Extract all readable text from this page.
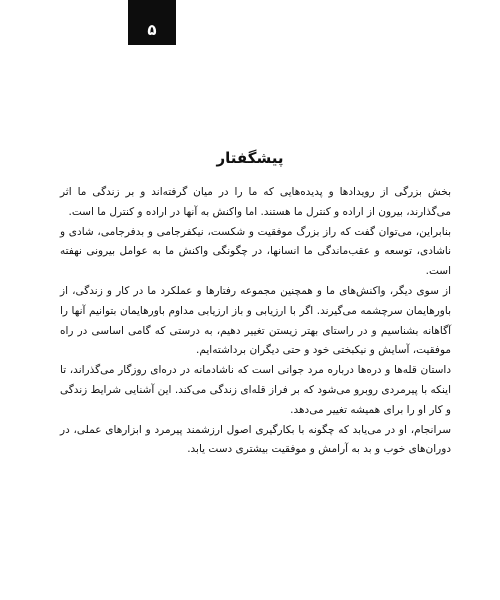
۵
پیشگفتار

بخش بزرگی از رویدادها و پدیده‌هایی که ما را در میان گرفته‌اند و بر زندگی ما اثر می‌گذارند، بیرون از اراده و کنترل ما هستند. اما واکنش به آنها در اراده و کنترل ما است.

بنابراین، می‌توان گفت که راز بزرگ موفقیت و شکست، نیکفرجامی و بدفرجامی، شادی و ناشادی، توسعه و عقب‌ماندگی ما انسانها، در چگونگی واکنش ما به عوامل بیرونی نهفته است.

از سوی دیگر، واکنش‌های ما و همچنین مجموعه رفتارها و عملکرد ما در کار و زندگی، از باورهایمان سرچشمه می‌گیرند. اگر با ارزیابی و باز ارزیابی مداوم باورهایمان بتوانیم آنها را آگاهانه بشناسیم و در راستای بهتر زیستن تغییر دهیم، به درستی که گامی اساسی در راه موفقیت، آسایش و نیکبختی خود و حتی دیگران برداشته‌ایم.

داستان قله‌ها و دره‌ها درباره مرد جوانی است که ناشادمانه در دره‌ای روزگار می‌گذراند، تا اینکه با پیرمردی روبرو می‌شود که بر فراز قله‌ای زندگی می‌کند. این آشنایی شرایط زندگی و کار او را برای همیشه تغییر می‌دهد.

سرانجام، او در می‌یابد که چگونه با بکارگیری اصول ارزشمند پیرمرد و ابزارهای عملی، در دوران‌های خوب و بد به آرامش و موفقیت بیشتری دست یابد.
